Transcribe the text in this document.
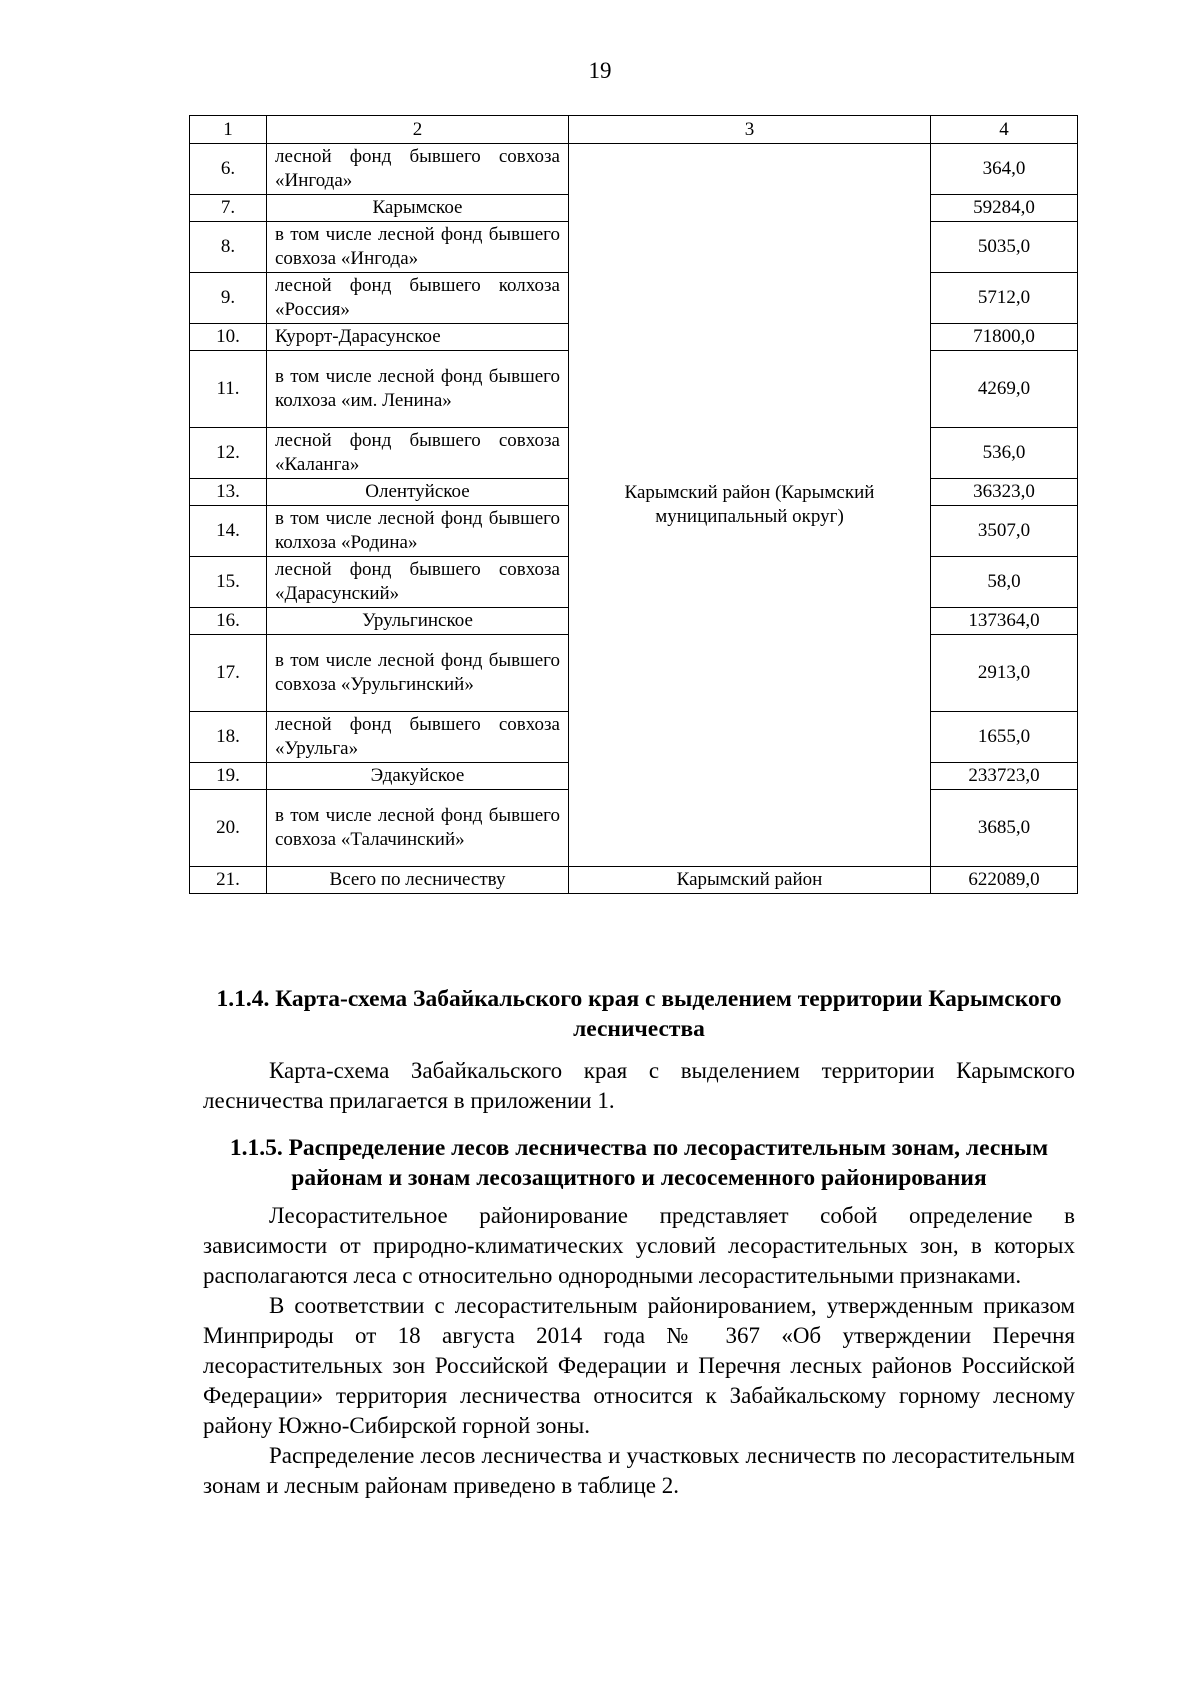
19
1	2	3	4
6.	лесной фонд бывшего совхоза «Ингода»	Карымский район (Карымский муниципальный округ)	364,0
7.	Карымское		59284,0
8.	в том числе лесной фонд бывшего совхоза «Ингода»		5035,0
9.	лесной фонд бывшего колхоза «Россия»		5712,0
10.	Курорт-Дарасунское		71800,0
11.	в том числе лесной фонд бывшего колхоза «им. Ленина»		4269,0
12.	лесной фонд бывшего совхоза «Каланга»		536,0
13.	Олентуйское		36323,0
14.	в том числе лесной фонд бывшего колхоза «Родина»		3507,0
15.	лесной фонд бывшего совхоза «Дарасунский»		58,0
16.	Урульгинское		137364,0
17.	в том числе лесной фонд бывшего совхоза «Урульгинский»		2913,0
18.	лесной фонд бывшего совхоза «Урульга»		1655,0
19.	Эдакуйское		233723,0
20.	в том числе лесной фонд бывшего совхоза «Талачинский»		3685,0
21.	Всего по лесничеству	Карымский район	622089,0
1.1.4. Карта-схема Забайкальского края с выделением территории Карымского лесничества

Карта-схема Забайкальского края с выделением территории Карымского лесничества прилагается в приложении 1.

1.1.5. Распределение лесов лесничества по лесорастительным зонам, лесным районам и зонам лесозащитного и лесосеменного районирования

Лесорастительное районирование представляет собой определение в зависимости от природно-климатических условий лесорастительных зон, в которых располагаются леса с относительно однородными лесорастительными признаками.

В соответствии с лесорастительным районированием, утвержденным приказом Минприроды от 18 августа 2014 года № 367 «Об утверждении Перечня лесорастительных зон Российской Федерации и Перечня лесных районов Российской Федерации» территория лесничества относится к Забайкальскому горному лесному району Южно-Сибирской горной зоны.

Распределение лесов лесничества и участковых лесничеств по лесорастительным зонам и лесным районам приведено в таблице 2.
